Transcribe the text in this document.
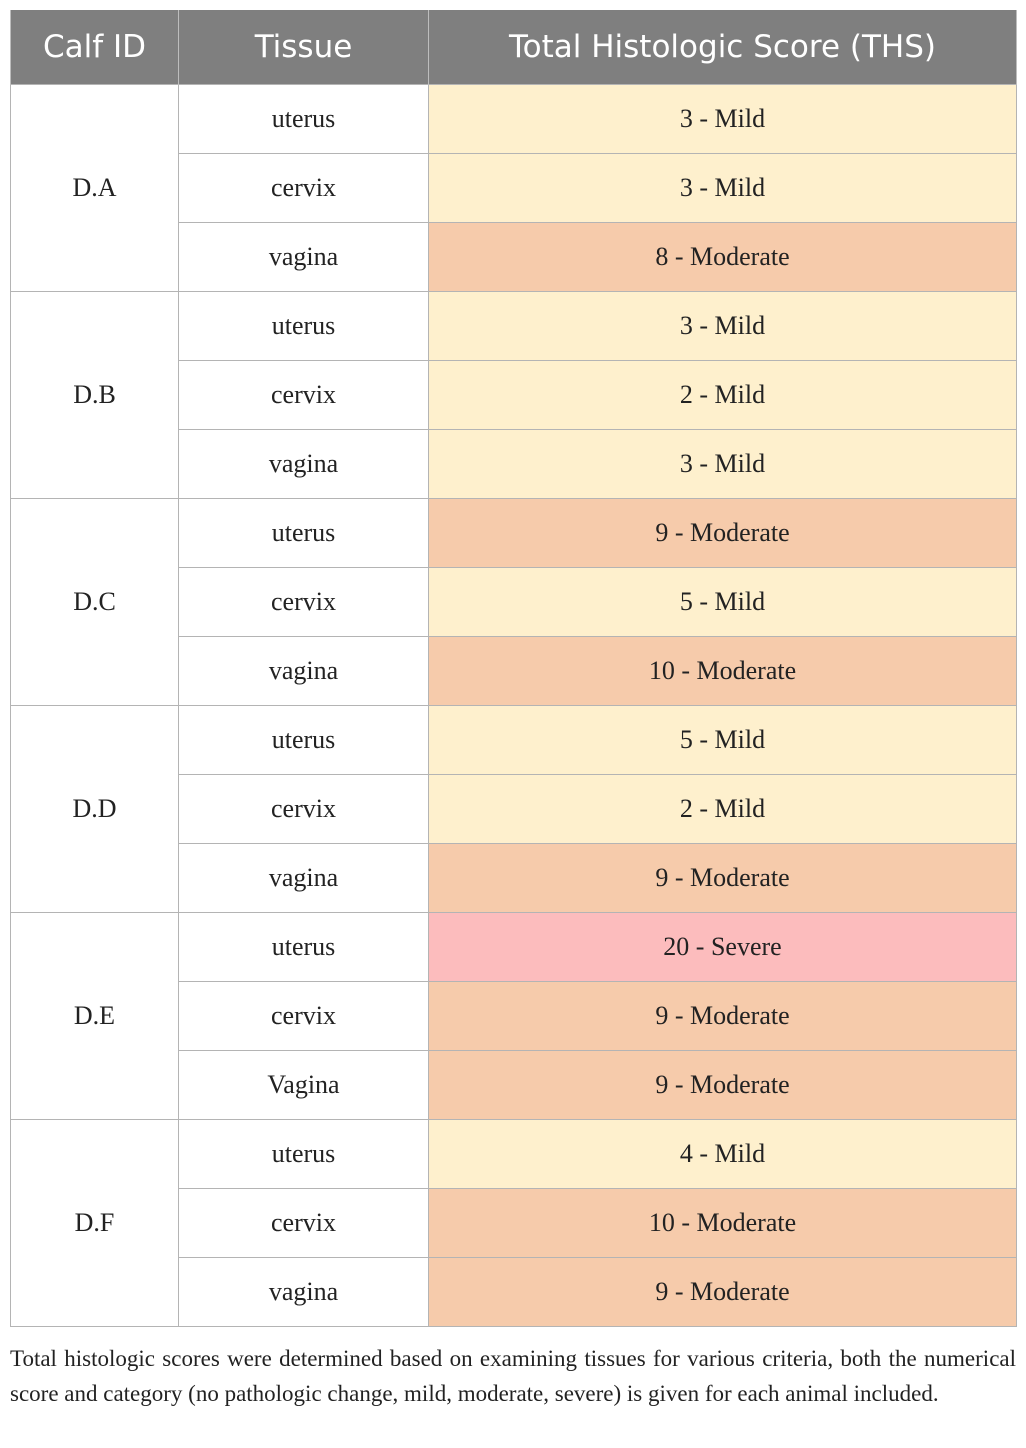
Calf ID	Tissue	Total Histologic Score (THS)
D.A	uterus	3 - Mild
	cervix	3 - Mild
	vagina	8 - Moderate
D.B	uterus	3 - Mild
	cervix	2 - Mild
	vagina	3 - Mild
D.C	uterus	9 - Moderate
	cervix	5 - Mild
	vagina	10 - Moderate
D.D	uterus	5 - Mild
	cervix	2 - Mild
	vagina	9 - Moderate
D.E	uterus	20 - Severe
	cervix	9 - Moderate
	Vagina	9 - Moderate
D.F	uterus	4 - Mild
	cervix	10 - Moderate
	vagina	9 - Moderate
Total histologic scores were determined based on examining tissues for various criteria, both the numerical score and category (no pathologic change, mild, moderate, severe) is given for each animal included.
